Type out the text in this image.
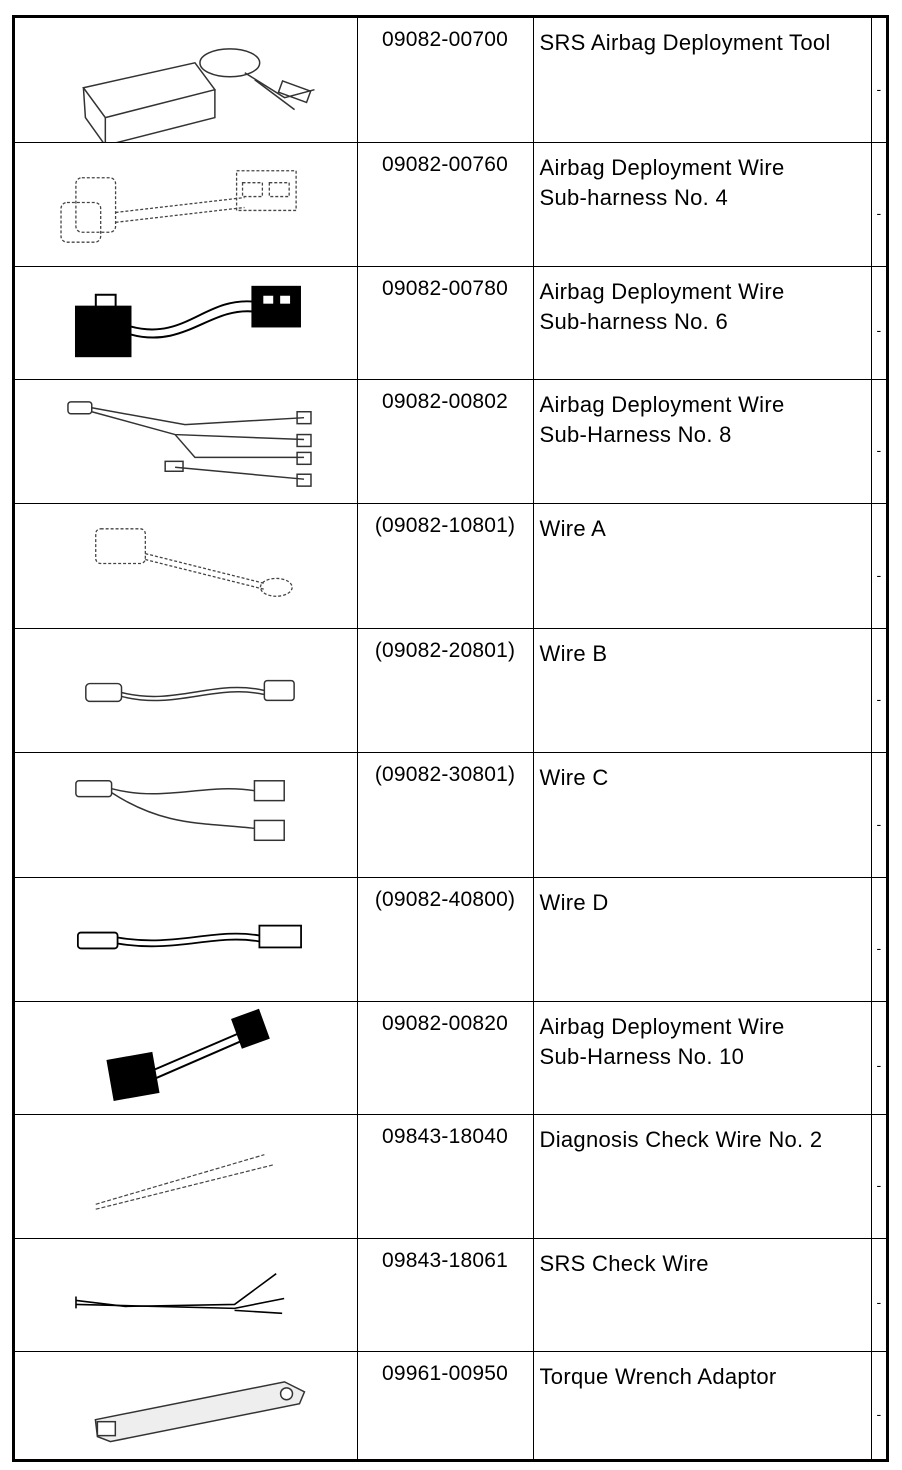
	09082-00700	SRS Airbag Deployment Tool	-

	09082-00760	Airbag Deployment Wire
Sub-harness No. 4	-

	09082-00780	Airbag Deployment Wire
Sub-harness No. 6	-

	09082-00802	Airbag Deployment Wire
Sub-Harness No. 8	-

	(09082-10801)	Wire A	-

	(09082-20801)	Wire B	-

	(09082-30801)	Wire C	-

	(09082-40800)	Wire D	-

	09082-00820	Airbag Deployment Wire
Sub-Harness No. 10	-

	09843-18040	Diagnosis Check Wire No. 2	-

	09843-18061	SRS Check Wire	-

	09961-00950	Torque Wrench Adaptor	-
